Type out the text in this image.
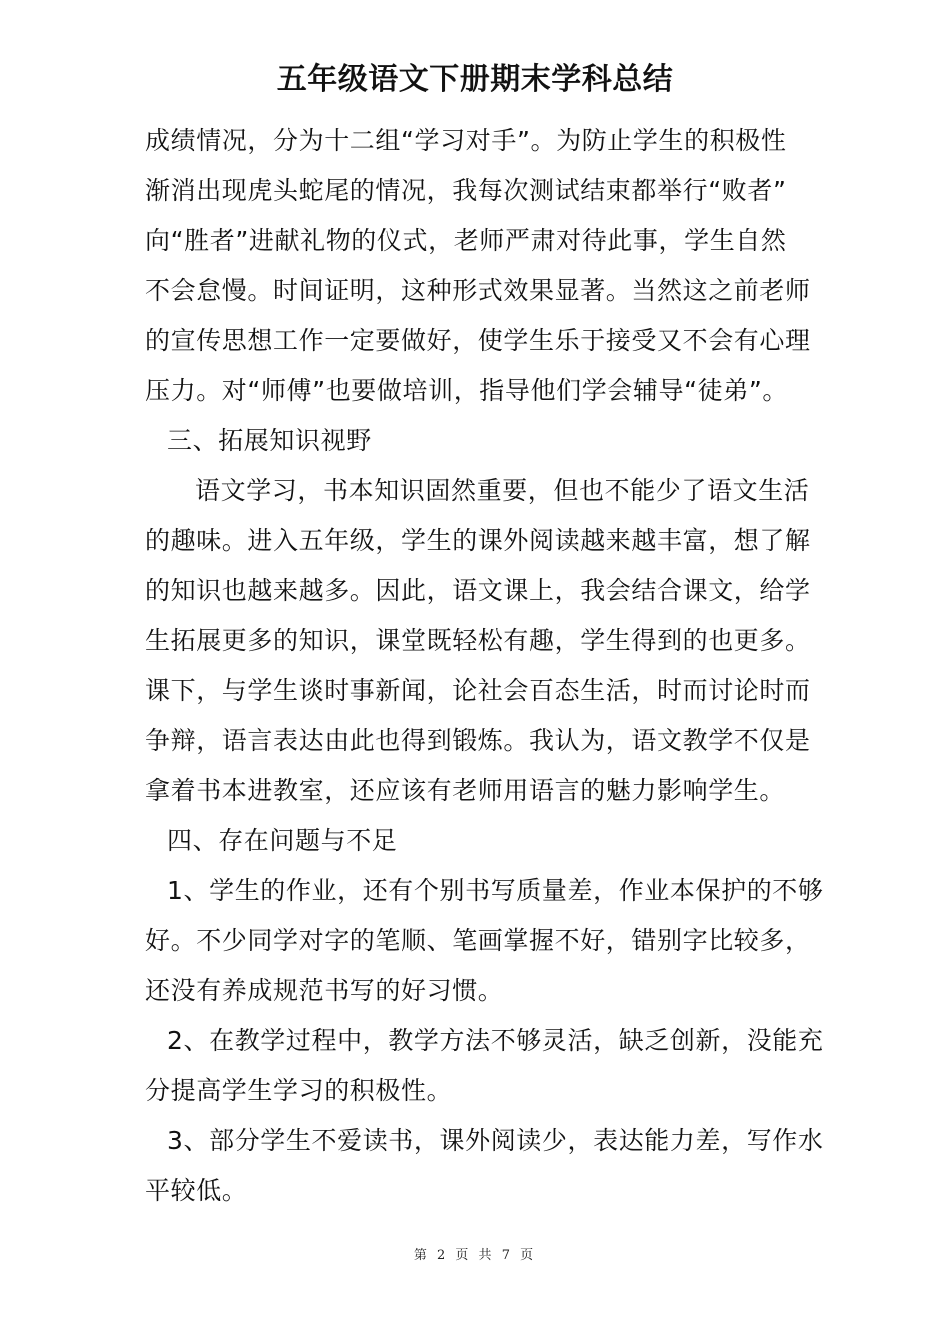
五年级语文下册期末学科总结
成绩情况，分为十二组“学习对手”。为防止学生的积极性
渐消出现虎头蛇尾的情况，我每次测试结束都举行“败者”
向“胜者”进献礼物的仪式，老师严肃对待此事，学生自然
不会怠慢。时间证明，这种形式效果显著。当然这之前老师
的宣传思想工作一定要做好，使学生乐于接受又不会有心理
压力。对“师傅”也要做培训，指导他们学会辅导“徒弟”。
三、拓展知识视野
语文学习，书本知识固然重要，但也不能少了语文生活
的趣味。进入五年级，学生的课外阅读越来越丰富，想了解
的知识也越来越多。因此，语文课上，我会结合课文，给学
生拓展更多的知识，课堂既轻松有趣，学生得到的也更多。
课下，与学生谈时事新闻，论社会百态生活，时而讨论时而
争辩，语言表达由此也得到锻炼。我认为，语文教学不仅是
拿着书本进教室，还应该有老师用语言的魅力影响学生。
四、存在问题与不足
1、学生的作业，还有个别书写质量差，作业本保护的不够
好。不少同学对字的笔顺、笔画掌握不好，错别字比较多，
还没有养成规范书写的好习惯。
2、在教学过程中，教学方法不够灵活，缺乏创新，没能充
分提高学生学习的积极性。
3、部分学生不爱读书，课外阅读少，表达能力差，写作水
平较低。
第 2 页 共 7 页
